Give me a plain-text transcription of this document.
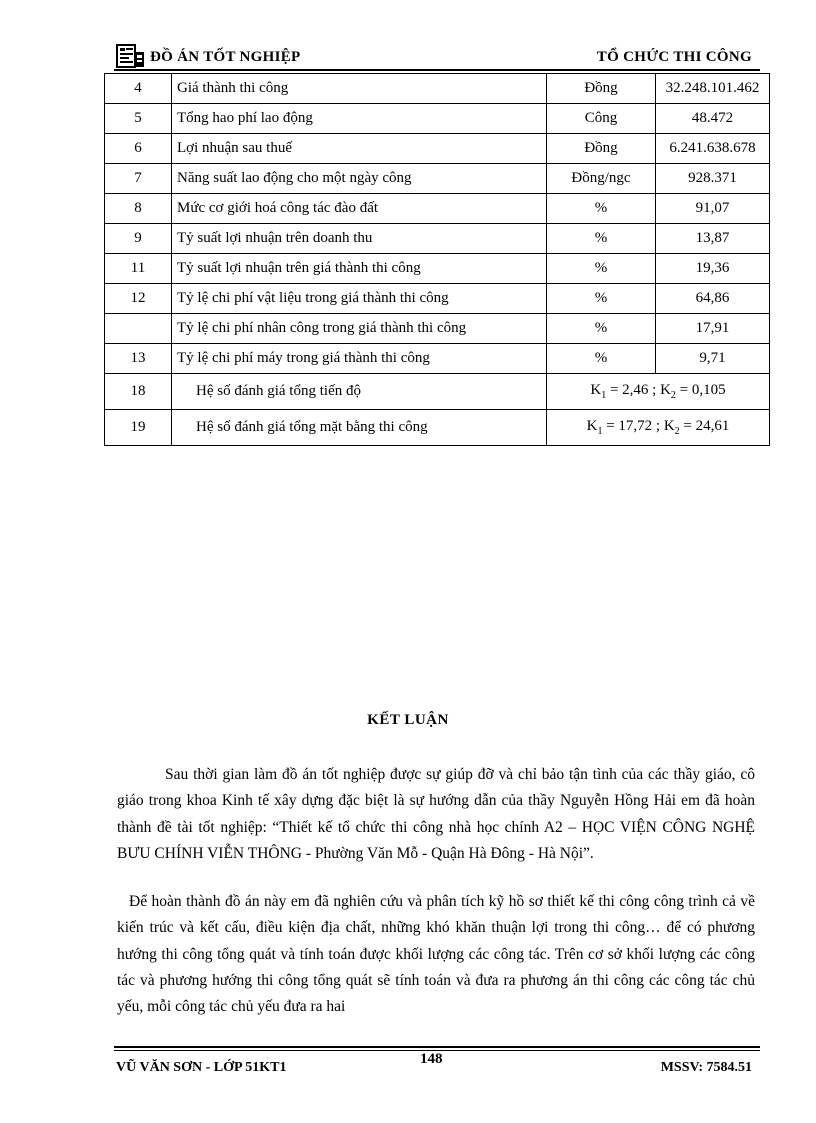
ĐỒ ÁN TỐT NGHIỆP	TỔ CHỨC THI CÔNG
4	Giá thành thi công	Đồng	32.248.101.462
5	Tổng hao phí lao động	Công	48.472
6	Lợi nhuận sau thuế	Đồng	6.241.638.678
7	Năng suất lao động cho một ngày công	Đồng/ngc	928.371
8	Mức cơ giới hoá công tác đào đất	%	91,07
9	Tỷ suất lợi nhuận trên doanh thu	%	13,87
11	Tỷ suất lợi nhuận trên giá thành thi công	%	19,36
12	Tỷ lệ chi phí vật liệu trong giá thành thi công	%	64,86
	Tỷ lệ chi phí nhân công trong giá thành thi công	%	17,91
13	Tỷ lệ chi phí máy trong giá thành thi công	%	9,71
18	Hệ số đánh giá tổng tiến độ	$K_1 = 2,46$ ; $K_2 = 0,105$	
19	Hệ số đánh giá tổng mặt bằng thi công	$K_1 = 17,72$ ; $K_2 = 24,61$	
KẾT LUẬN
Sau thời gian làm đồ án tốt nghiệp được sự giúp đỡ và chỉ bảo tận tình của các thầy giáo, cô giáo trong khoa Kinh tế xây dựng đặc biệt là sự hướng dẫn của thầy Nguyễn Hồng Hải em đã hoàn thành đề tài tốt nghiệp: “Thiết kế tổ chức thi công nhà học chính A2 – HỌC VIỆN CÔNG NGHỆ BƯU CHÍNH VIỄN THÔNG - Phường Văn Mỗ - Quận Hà Đông - Hà Nội”.
Để hoàn thành đồ án này em đã nghiên cứu và phân tích kỹ hồ sơ thiết kế thi công công trình cả về kiến trúc và kết cấu, điều kiện địa chất, những khó khăn thuận lợi trong thi công… để có phương hướng thi công tổng quát và tính toán được khối lượng các công tác. Trên cơ sở khối lượng các công tác và phương hướng thi công tổng quát sẽ tính toán và đưa ra phương án thi công các công tác chủ yếu, mỗi công tác chủ yếu đưa ra hai
VŨ VĂN SƠN - LỚP 51KT1
148
MSSV: 7584.51
